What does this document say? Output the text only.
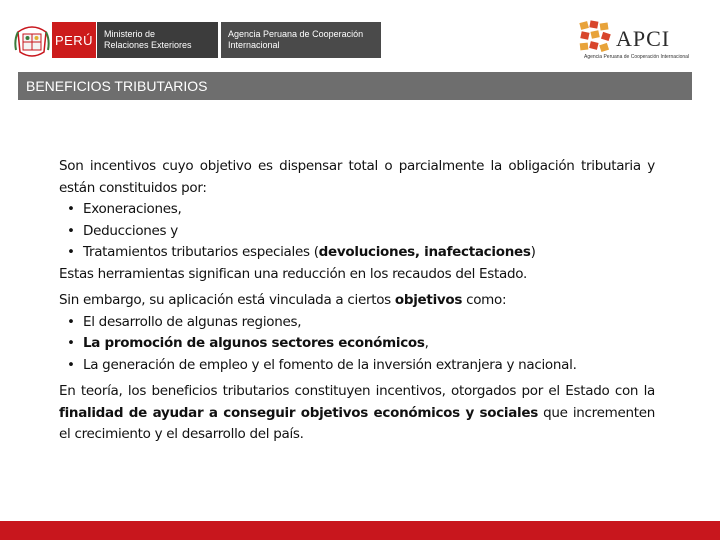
PERÚ	Ministerio de
Relaciones Exteriores
Agencia Peruana de Cooperación
Internacional	APCI
Agencia Peruana de Cooperación Internacional
BENEFICIOS TRIBUTARIOS

Son incentivos cuyo objetivo es dispensar total o parcialmente la obligación tributaria y están constituidos por:

• Exoneraciones,
• Deducciones y
• Tratamientos tributarios especiales (devoluciones, inafectaciones)

Estas herramientas significan una reducción en los recaudos del Estado.

Sin embargo, su aplicación está vinculada a ciertos objetivos como:

• El desarrollo de algunas regiones,
• La promoción de algunos sectores económicos,
• La generación de empleo y el fomento de la inversión extranjera y nacional.

En teoría, los beneficios tributarios constituyen incentivos, otorgados por el Estado con la finalidad de ayudar a conseguir objetivos económicos y sociales que incrementen el crecimiento y el desarrollo del país.
